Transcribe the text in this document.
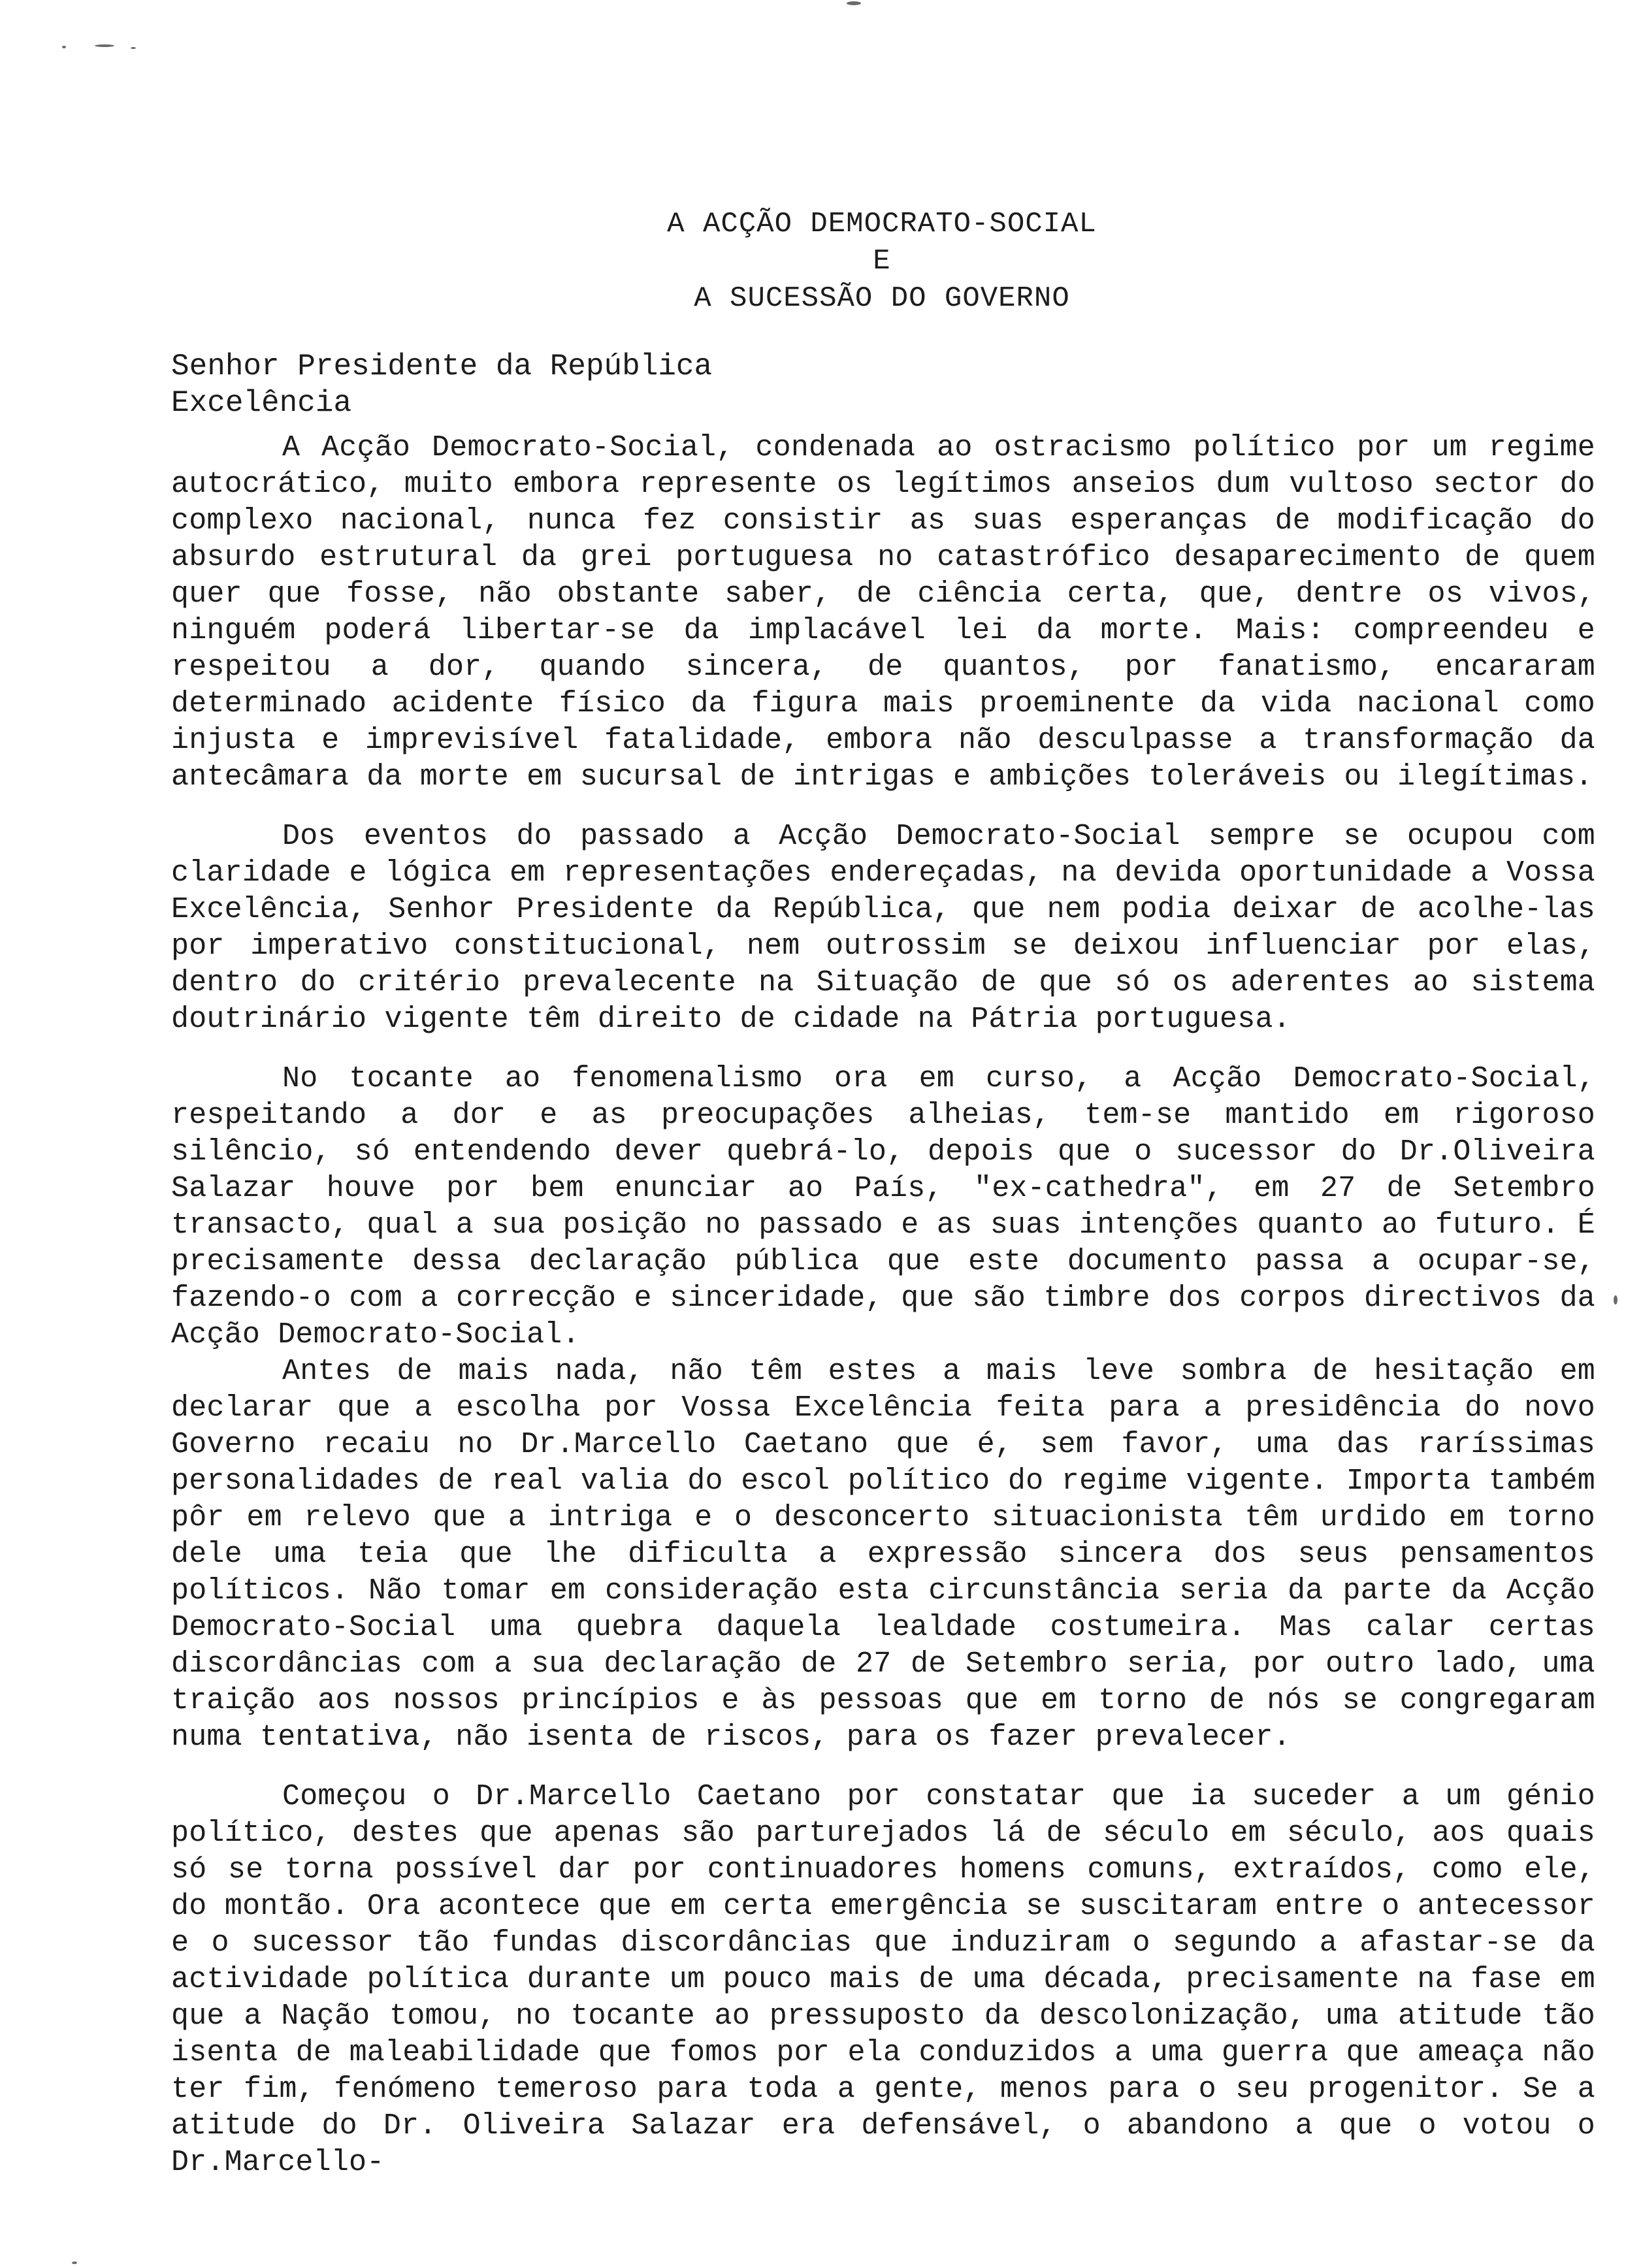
A ACÇÃO DEMOCRATO-SOCIAL
E
A SUCESSÃO DO GOVERNO
Senhor Presidente da República
Excelência

A Acção Democrato-Social, condenada ao ostracismo político por um regime autocrático, muito embora represente os legítimos anseios dum vultoso sector do complexo nacional, nunca fez consistir as suas esperanças de modificação do absurdo estrutural da grei portuguesa no catastrófico desaparecimento de quem quer que fosse, não obstante saber, de ciência certa, que, dentre os vivos, ninguém poderá libertar-se da implacável lei da morte. Mais: compreendeu e respeitou a dor, quando sincera, de quantos, por fanatismo, encararam determinado acidente físico da figura mais proeminente da vida nacional como injusta e imprevisível fatalidade, embora não desculpasse a transformação da antecâmara da morte em sucursal de intrigas e ambições toleráveis ou ilegítimas.

Dos eventos do passado a Acção Democrato-Social sempre se ocupou com claridade e lógica em representações endereçadas, na devida oportunidade a Vossa Excelência, Senhor Presidente da República, que nem podia deixar de acolhe-las por imperativo constitucional, nem outrossim se deixou influenciar por elas, dentro do critério prevalecente na Situação de que só os aderentes ao sistema doutrinário vigente têm direito de cidade na Pátria portuguesa.

No tocante ao fenomenalismo ora em curso, a Acção Democrato-Social, respeitando a dor e as preocupações alheias, tem-se mantido em rigoroso silêncio, só entendendo dever quebrá-lo, depois que o sucessor do Dr.Oliveira Salazar houve por bem enunciar ao País, "ex-cathedra", em 27 de Setembro transacto, qual a sua posição no passado e as suas intenções quanto ao futuro. É precisamente dessa declaração pública que este documento passa a ocupar-se, fazendo-o com a correcção e sinceridade, que são timbre dos corpos directivos da Acção Democrato-Social.

Antes de mais nada, não têm estes a mais leve sombra de hesitação em declarar que a escolha por Vossa Excelência feita para a presidência do novo Governo recaiu no Dr.Marcello Caetano que é, sem favor, uma das raríssimas personalidades de real valia do escol político do regime vigente. Importa também pôr em relevo que a intriga e o desconcerto situacionista têm urdido em torno dele uma teia que lhe dificulta a expressão sincera dos seus pensamentos políticos. Não tomar em consideração esta circunstância seria da parte da Acção Democrato-Social uma quebra daquela lealdade costumeira. Mas calar certas discordâncias com a sua declaração de 27 de Setembro seria, por outro lado, uma traição aos nossos princípios e às pessoas que em torno de nós se congregaram numa tentativa, não isenta de riscos, para os fazer prevalecer.

Começou o Dr.Marcello Caetano por constatar que ia suceder a um génio político, destes que apenas são parturejados lá de século em século, aos quais só se torna possível dar por continuadores homens comuns, extraídos, como ele, do montão. Ora acontece que em certa emergência se suscitaram entre o antecessor e o sucessor tão fundas discordâncias que induziram o segundo a afastar-se da actividade política durante um pouco mais de uma década, precisamente na fase em que a Nação tomou, no tocante ao pressuposto da descolonização, uma atitude tão isenta de maleabilidade que fomos por ela conduzidos a uma guerra que ameaça não ter fim, fenómeno temeroso para toda a gente, menos para o seu progenitor. Se a atitude do Dr. Oliveira Salazar era defensável, o abandono a que o votou o Dr.Marcello-
